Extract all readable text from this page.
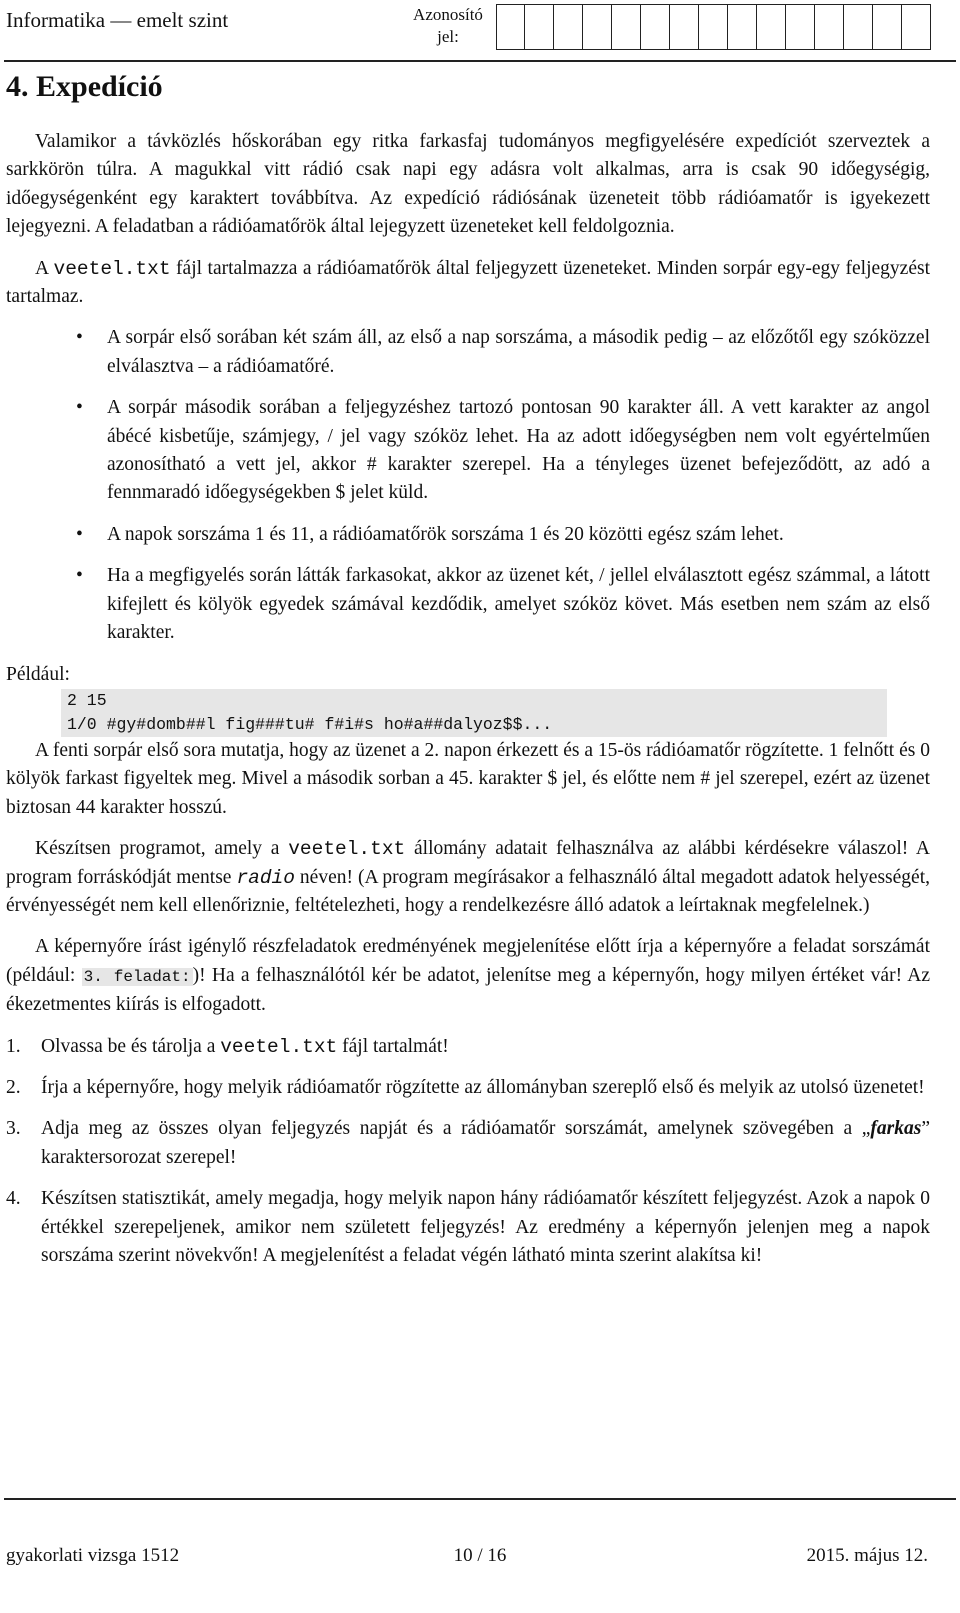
Informatika — emelt szint	Azonosító jel:
4. Expedíció

Valamikor a távközlés hőskorában egy ritka farkasfaj tudományos megfigyelésére expedíciót szerveztek a sarkkörön túlra. A magukkal vitt rádió csak napi egy adásra volt alkalmas, arra is csak 90 időegységig, időegységenként egy karaktert továbbítva. Az expedíció rádiósának üzeneteit több rádióamatőr is igyekezett lejegyezni. A feladatban a rádióamatőrök által lejegyzett üzeneteket kell feldolgoznia.

A veetel.txt fájl tartalmazza a rádióamatőrök által feljegyzett üzeneteket. Minden sorpár egy-egy feljegyzést tartalmaz.

• A sorpár első sorában két szám áll, az első a nap sorszáma, a második pedig – az előzőtől egy szóközzel elválasztva – a rádióamatőré.
• A sorpár második sorában a feljegyzéshez tartozó pontosan 90 karakter áll. A vett karakter az angol ábécé kisbetűje, számjegy, / jel vagy szóköz lehet. Ha az adott időegységben nem volt egyértelműen azonosítható a vett jel, akkor # karakter szerepel. Ha a tényleges üzenet befejeződött, az adó a fennmaradó időegységekben $ jelet küld.
• A napok sorszáma 1 és 11, a rádióamatőrök sorszáma 1 és 20 közötti egész szám lehet.
• Ha a megfigyelés során látták farkasokat, akkor az üzenet két, / jellel elválasztott egész számmal, a látott kifejlett és kölyök egyedek számával kezdődik, amelyet szóköz követ. Más esetben nem szám az első karakter.

Például:

2 15
1/0 #gy#domb##l fig###tu# f#i#s ho#a##dalyoz$$...

A fenti sorpár első sora mutatja, hogy az üzenet a 2. napon érkezett és a 15-ös rádióamatőr rögzítette. 1 felnőtt és 0 kölyök farkast figyeltek meg. Mivel a második sorban a 45. karakter $ jel, és előtte nem # jel szerepel, ezért az üzenet biztosan 44 karakter hosszú.

Készítsen programot, amely a veetel.txt állomány adatait felhasználva az alábbi kérdésekre válaszol! A program forráskódját mentse radio néven! (A program megírásakor a felhasználó által megadott adatok helyességét, érvényességét nem kell ellenőriznie, feltételezheti, hogy a rendelkezésre álló adatok a leírtaknak megfelelnek.)

A képernyőre írást igénylő részfeladatok eredményének megjelenítése előtt írja a képernyőre a feladat sorszámát (például: 3. feladat: )! Ha a felhasználótól kér be adatot, jelenítse meg a képernyőn, hogy milyen értéket vár! Az ékezetmentes kiírás is elfogadott.

1. Olvassa be és tárolja a veetel.txt fájl tartalmát!
2. Írja a képernyőre, hogy melyik rádióamatőr rögzítette az állományban szereplő első és melyik az utolsó üzenetet!
3. Adja meg az összes olyan feljegyzés napját és a rádióamatőr sorszámát, amelynek szövegében a „farkas” karaktersorozat szerepel!
4. Készítsen statisztikát, amely megadja, hogy melyik napon hány rádióamatőr készített feljegyzést. Azok a napok 0 értékkel szerepeljenek, amikor nem született feljegyzés! Az eredmény a képernyőn jelenjen meg a napok sorszáma szerint növekvőn! A megjelenítést a feladat végén látható minta szerint alakítsa ki!
gyakorlati vizsga 1512	10 / 16	2015. május 12.
